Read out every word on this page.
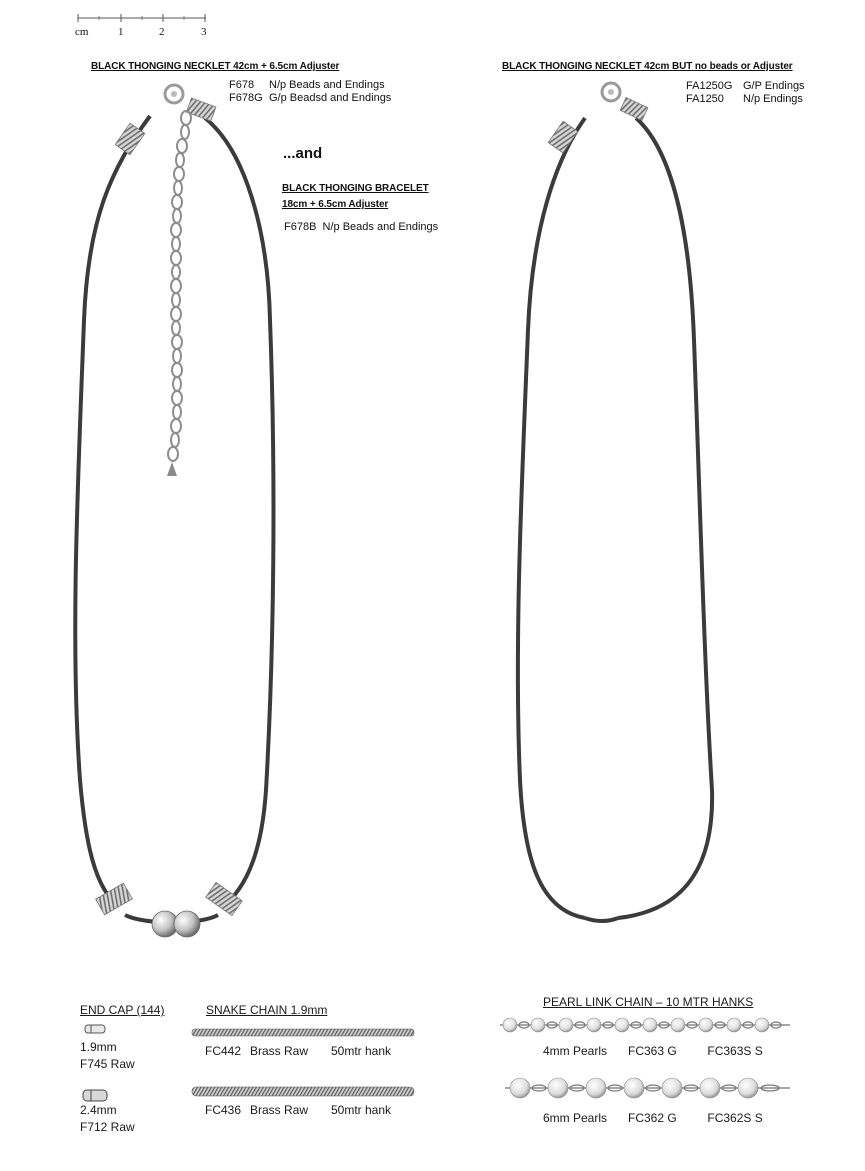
cm	1	2	3
BLACK THONGING NECKLET 42cm + 6.5cm Adjuster
F678 N/p Beads and Endings
F678G G/p Beadsd and Endings
...and
BLACK THONGING BRACELET
18cm + 6.5cm Adjuster
F678B N/p Beads and Endings
BLACK THONGING NECKLET 42cm BUT no beads or Adjuster
FA1250G G/P Endings
FA1250 N/p Endings
END CAP (144)
1.9mm
F745 Raw
2.4mm
F712 Raw
SNAKE CHAIN 1.9mm
FC442 Brass Raw 50mtr hank
FC436 Brass Raw 50mtr hank
PEARL LINK CHAIN – 10 MTR HANKS
4mm Pearls FC363 G	FC363S S
6mm Pearls FC362 G	FC362S S
